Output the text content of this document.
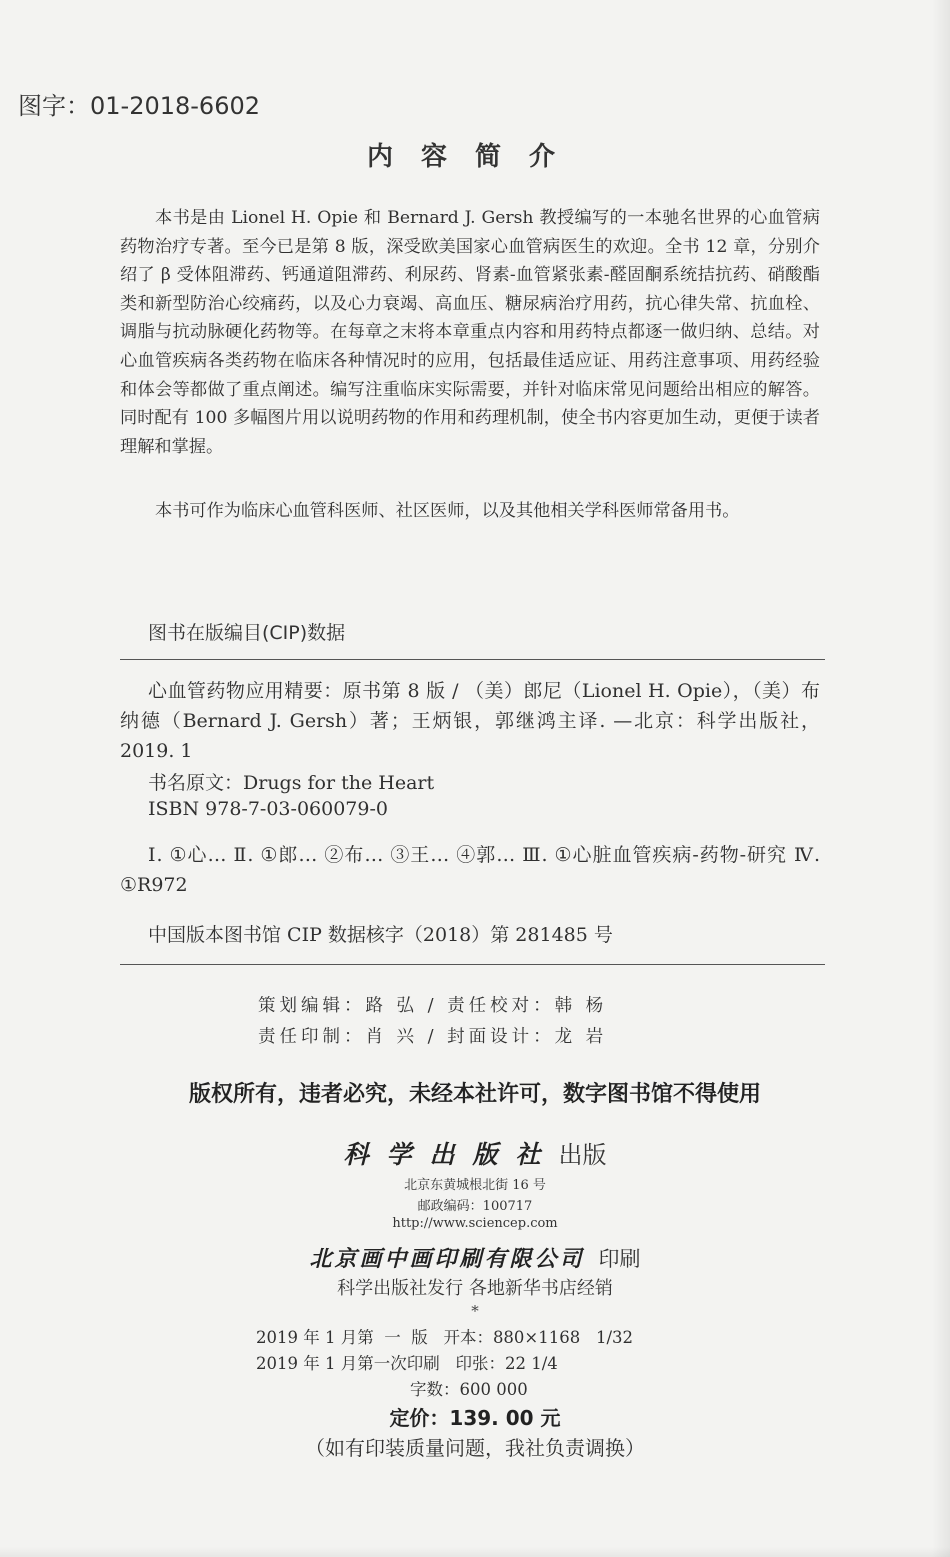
图字：01-2018-6602

内容简介

本书是由 Lionel H. Opie 和 Bernard J. Gersh 教授编写的一本驰名世界的心血管病药物治疗专著。至今已是第 8 版，深受欧美国家心血管病医生的欢迎。全书 12 章，分别介绍了 β 受体阻滞药、钙通道阻滞药、利尿药、肾素-血管紧张素-醛固酮系统拮抗药、硝酸酯类和新型防治心绞痛药，以及心力衰竭、高血压、糖尿病治疗用药，抗心律失常、抗血栓、调脂与抗动脉硬化药物等。在每章之末将本章重点内容和用药特点都逐一做归纳、总结。对心血管疾病各类药物在临床各种情况时的应用，包括最佳适应证、用药注意事项、用药经验和体会等都做了重点阐述。编写注重临床实际需要，并针对临床常见问题给出相应的解答。同时配有 100 多幅图片用以说明药物的作用和药理机制，使全书内容更加生动，更便于读者理解和掌握。

本书可作为临床心血管科医师、社区医师，以及其他相关学科医师常备用书。

图书在版编目(CIP)数据

心血管药物应用精要：原书第 8 版 / （美）郎尼（Lionel H. Opie），（美）布纳德（Bernard J. Gersh）著；王炳银，郭继鸿主译. —北京：科学出版社，2019. 1

书名原文：Drugs for the Heart

ISBN 978-7-03-060079-0

Ⅰ. ①心… Ⅱ. ①郎… ②布… ③王… ④郭… Ⅲ. ①心脏血管疾病-药物-研究 Ⅳ. ①R972

中国版本图书馆 CIP 数据核字（2018）第 281485 号

策划编辑：路 弘 / 责任校对：韩 杨

责任印制：肖 兴 / 封面设计：龙 岩

版权所有，违者必究，未经本社许可，数字图书馆不得使用

科学出版社出版

北京东黄城根北街 16 号

邮政编码：100717

http://www.sciencep.com

北京画中画印刷有限公司 印刷

科学出版社发行 各地新华书店经销

*

2019 年 1 月第  一  版   开本：880×1168   1/32

2019 年 1 月第一次印刷   印张：22 1/4

字数：600 000

定价：139. 00 元

（如有印装质量问题，我社负责调换）
